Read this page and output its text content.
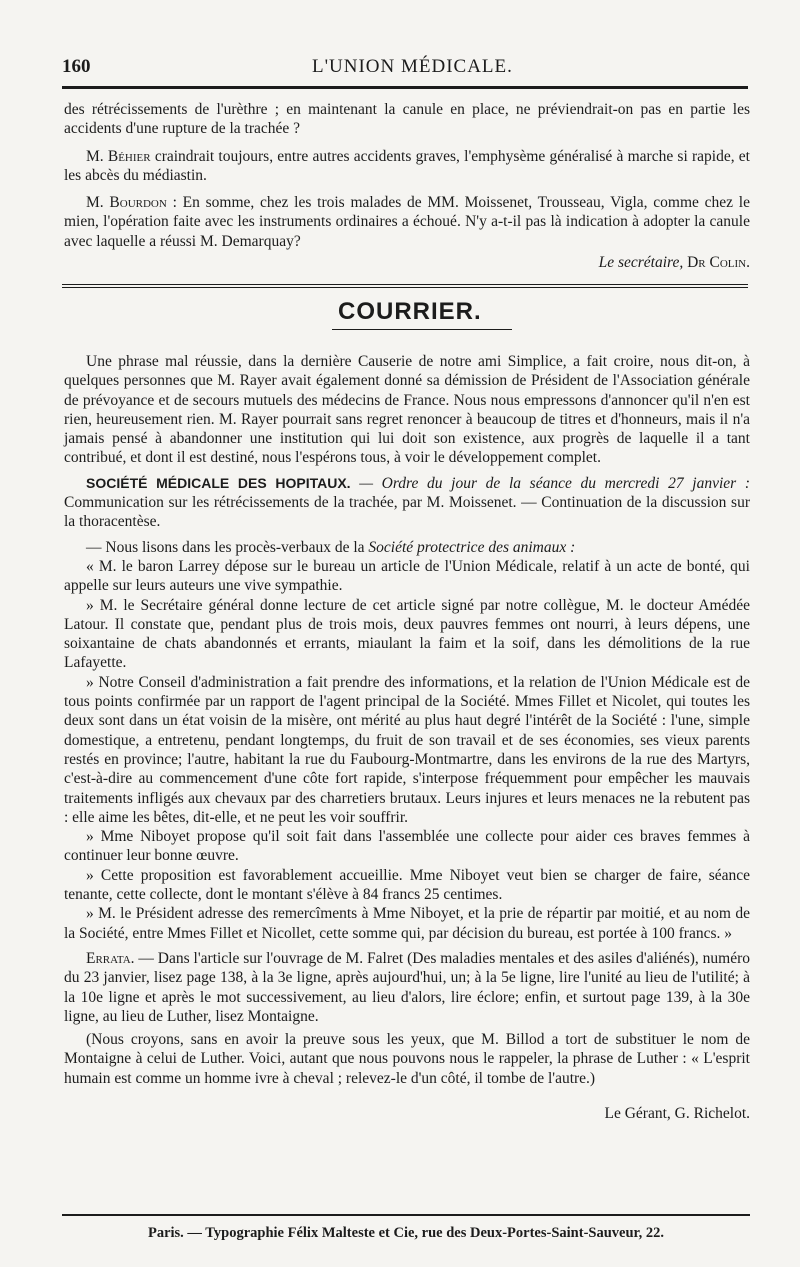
160	L'UNION MÉDICALE.

des rétrécissements de l'urèthre ; en maintenant la canule en place, ne préviendrait-on pas en partie les accidents d'une rupture de la trachée ?

M. Béhier craindrait toujours, entre autres accidents graves, l'emphysème généralisé à marche si rapide, et les abcès du médiastin.

M. Bourdon : En somme, chez les trois malades de MM. Moissenet, Trousseau, Vigla, comme chez le mien, l'opération faite avec les instruments ordinaires a échoué. N'y a-t-il pas là indication à adopter la canule avec laquelle a réussi M. Demarquay?

Le secrétaire, Dr Colin.

COURRIER.

Une phrase mal réussie, dans la dernière Causerie de notre ami Simplice, a fait croire, nous dit-on, à quelques personnes que M. Rayer avait également donné sa démission de Président de l'Association générale de prévoyance et de secours mutuels des médecins de France. Nous nous empressons d'annoncer qu'il n'en est rien, heureusement rien. M. Rayer pourrait sans regret renoncer à beaucoup de titres et d'honneurs, mais il n'a jamais pensé à abandonner une institution qui lui doit son existence, aux progrès de laquelle il a tant contribué, et dont il est destiné, nous l'espérons tous, à voir le développement complet.

SOCIÉTÉ MÉDICALE DES HOPITAUX. — Ordre du jour de la séance du mercredi 27 janvier : Communication sur les rétrécissements de la trachée, par M. Moissenet. — Continuation de la discussion sur la thoracentèse.

— Nous lisons dans les procès-verbaux de la Société protectrice des animaux :

« M. le baron Larrey dépose sur le bureau un article de l'Union Médicale, relatif à un acte de bonté, qui appelle sur leurs auteurs une vive sympathie.

» M. le Secrétaire général donne lecture de cet article signé par notre collègue, M. le docteur Amédée Latour. Il constate que, pendant plus de trois mois, deux pauvres femmes ont nourri, à leurs dépens, une soixantaine de chats abandonnés et errants, miaulant la faim et la soif, dans les démolitions de la rue Lafayette.

» Notre Conseil d'administration a fait prendre des informations, et la relation de l'Union Médicale est de tous points confirmée par un rapport de l'agent principal de la Société. Mmes Fillet et Nicolet, qui toutes les deux sont dans un état voisin de la misère, ont mérité au plus haut degré l'intérêt de la Société : l'une, simple domestique, a entretenu, pendant longtemps, du fruit de son travail et de ses économies, ses vieux parents restés en province; l'autre, habitant la rue du Faubourg-Montmartre, dans les environs de la rue des Martyrs, c'est-à-dire au commencement d'une côte fort rapide, s'interpose fréquemment pour empêcher les mauvais traitements infligés aux chevaux par des charretiers brutaux. Leurs injures et leurs menaces ne la rebutent pas : elle aime les bêtes, dit-elle, et ne peut les voir souffrir.

» Mme Niboyet propose qu'il soit fait dans l'assemblée une collecte pour aider ces braves femmes à continuer leur bonne œuvre.

» Cette proposition est favorablement accueillie. Mme Niboyet veut bien se charger de faire, séance tenante, cette collecte, dont le montant s'élève à 84 francs 25 centimes.

» M. le Président adresse des remercîments à Mme Niboyet, et la prie de répartir par moitié, et au nom de la Société, entre Mmes Fillet et Nicollet, cette somme qui, par décision du bureau, est portée à 100 francs. »

Errata. — Dans l'article sur l'ouvrage de M. Falret (Des maladies mentales et des asiles d'aliénés), numéro du 23 janvier, lisez page 138, à la 3e ligne, après aujourd'hui, un; à la 5e ligne, lire l'unité au lieu de l'utilité; à la 10e ligne et après le mot successivement, au lieu d'alors, lire éclore; enfin, et surtout page 139, à la 30e ligne, au lieu de Luther, lisez Montaigne.

(Nous croyons, sans en avoir la preuve sous les yeux, que M. Billod a tort de substituer le nom de Montaigne à celui de Luther. Voici, autant que nous pouvons nous le rappeler, la phrase de Luther : « L'esprit humain est comme un homme ivre à cheval ; relevez-le d'un côté, il tombe de l'autre.)

Le Gérant, G. Richelot.

Paris. — Typographie Félix Malteste et Cie, rue des Deux-Portes-Saint-Sauveur, 22.
